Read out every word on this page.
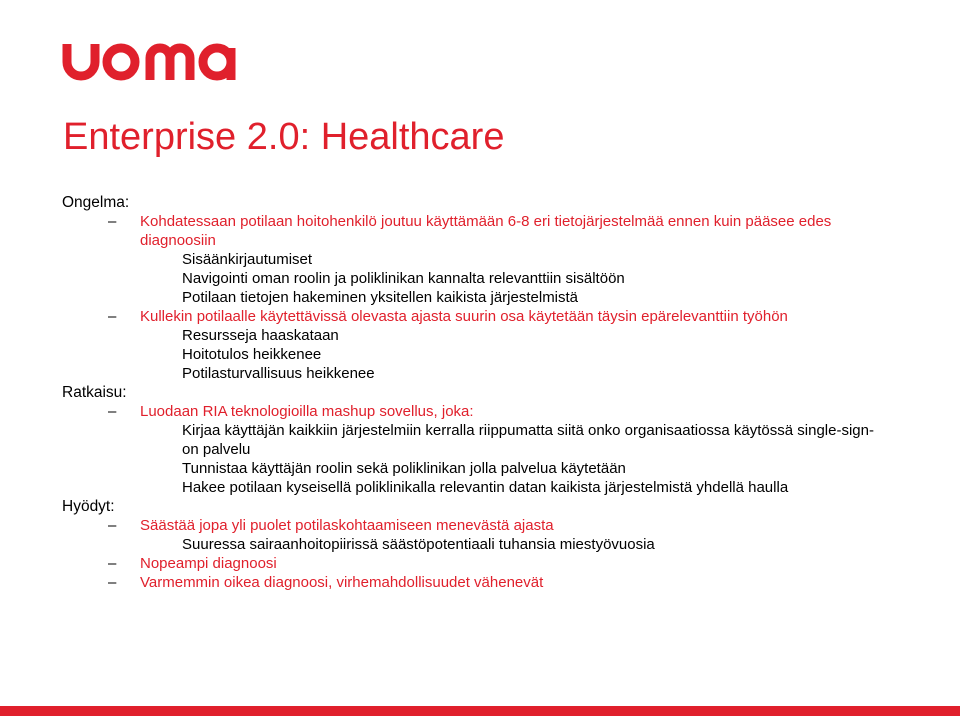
Enterprise 2.0: Healthcare
Ongelma:
– Kohdatessaan potilaan hoitohenkilö joutuu käyttämään 6-8 eri tietojärjestelmää ennen kuin pääsee edes diagnoosiin
Sisäänkirjautumiset
Navigointi oman roolin ja poliklinikan kannalta relevanttiin sisältöön
Potilaan tietojen hakeminen yksitellen kaikista järjestelmistä
– Kullekin potilaalle käytettävissä olevasta ajasta suurin osa käytetään täysin epärelevanttiin työhön
Resursseja haaskataan
Hoitotulos heikkenee
Potilasturvallisuus heikkenee
Ratkaisu:
– Luodaan RIA teknologioilla mashup sovellus, joka:
Kirjaa käyttäjän kaikkiin järjestelmiin kerralla riippumatta siitä onko organisaatiossa käytössä single-sign-on palvelu
Tunnistaa käyttäjän roolin sekä poliklinikan jolla palvelua käytetään
Hakee potilaan kyseisellä poliklinikalla relevantin datan kaikista järjestelmistä yhdellä haulla
Hyödyt:
– Säästää jopa yli puolet potilaskohtaamiseen menevästä ajasta
Suuressa sairaanhoitopiirissä säästöpotentiaali tuhansia miestyövuosia
– Nopeampi diagnoosi
– Varmemmin oikea diagnoosi, virhemahdollisuudet vähenevät
